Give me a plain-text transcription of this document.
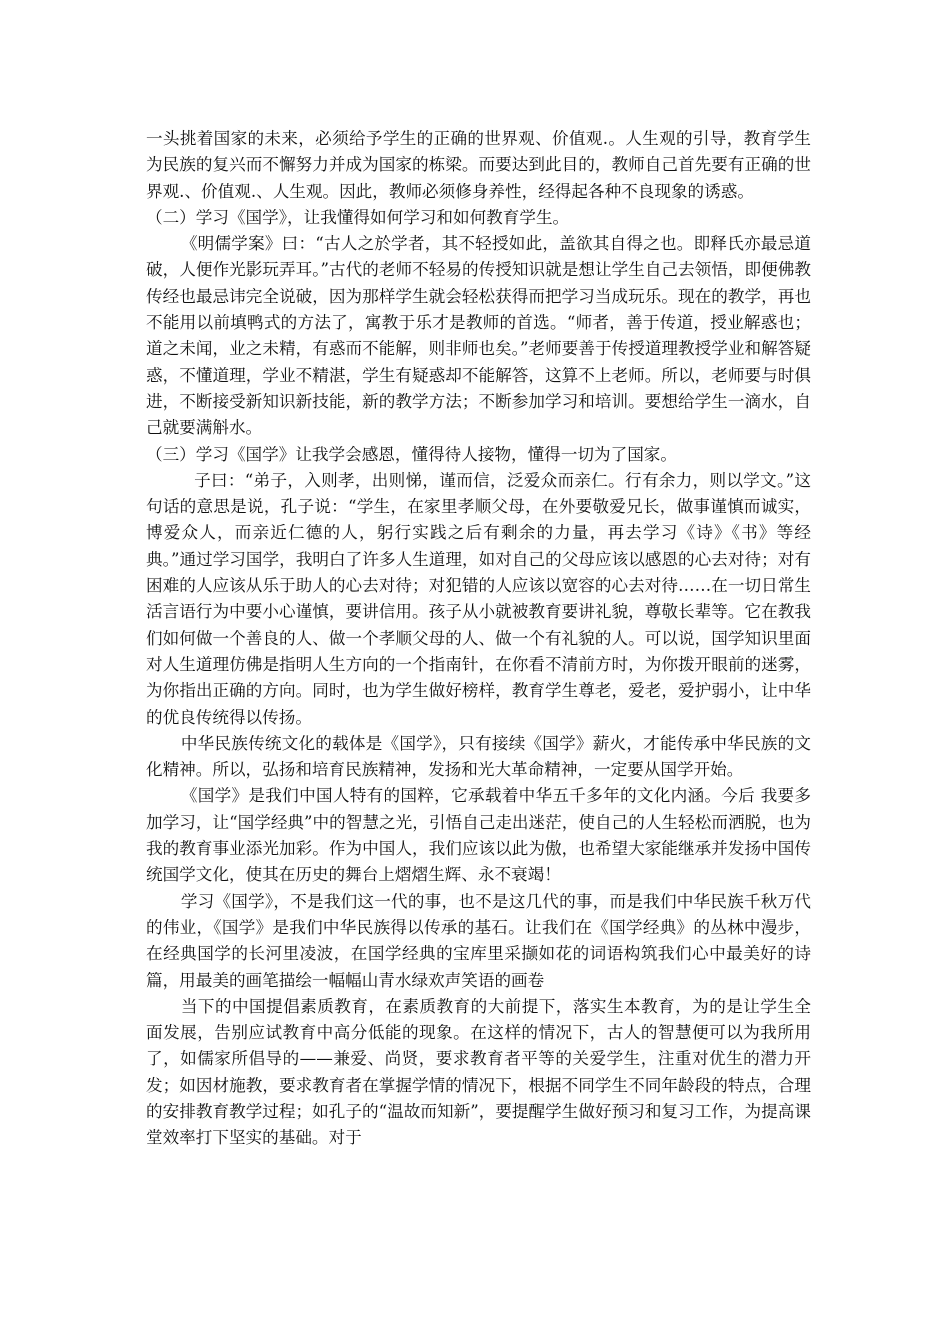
一头挑着国家的未来，必须给予学生的正确的世界观、价值观.。人生观的引导，教育学生为民族的复兴而不懈努力并成为国家的栋梁。而要达到此目的，教师自己首先要有正确的世界观.、价值观.、人生观。因此，教师必须修身养性，经得起各种不良现象的诱惑。

（二）学习《国学》，让我懂得如何学习和如何教育学生。

《明儒学案》曰：“古人之於学者，其不轻授如此，盖欲其自得之也。即释氏亦最忌道破，人便作光影玩弄耳。”古代的老师不轻易的传授知识就是想让学生自己去领悟，即便佛教传经也最忌讳完全说破，因为那样学生就会轻松获得而把学习当成玩乐。现在的教学，再也不能用以前填鸭式的方法了，寓教于乐才是教师的首选。“师者，善于传道，授业解惑也；道之未闻，业之未精，有惑而不能解，则非师也矣。”老师要善于传授道理教授学业和解答疑惑，不懂道理，学业不精湛，学生有疑惑却不能解答，这算不上老师。所以，老师要与时俱进，不断接受新知识新技能，新的教学方法；不断参加学习和培训。要想给学生一滴水，自己就要满斛水。

（三）学习《国学》让我学会感恩，懂得待人接物，懂得一切为了国家。

子曰：“弟子，入则孝，出则悌，谨而信，泛爱众而亲仁。行有余力，则以学文。”这句话的意思是说，孔子说：“学生，在家里孝顺父母，在外要敬爱兄长，做事谨慎而诚实，博爱众人，而亲近仁德的人，躬行实践之后有剩余的力量，再去学习《诗》《书》等经典。”通过学习国学，我明白了许多人生道理，如对自己的父母应该以感恩的心去对待；对有困难的人应该从乐于助人的心去对待；对犯错的人应该以宽容的心去对待……在一切日常生活言语行为中要小心谨慎，要讲信用。孩子从小就被教育要讲礼貌，尊敬长辈等。它在教我们如何做一个善良的人、做一个孝顺父母的人、做一个有礼貌的人。可以说，国学知识里面对人生道理仿佛是指明人生方向的一个指南针，在你看不清前方时，为你拨开眼前的迷雾，为你指出正确的方向。同时，也为学生做好榜样，教育学生尊老，爱老，爱护弱小，让中华的优良传统得以传扬。

中华民族传统文化的载体是《国学》，只有接续《国学》薪火，才能传承中华民族的文化精神。所以，弘扬和培育民族精神，发扬和光大革命精神，一定要从国学开始。

《国学》是我们中国人特有的国粹，它承载着中华五千多年的文化内涵。今后 我要多加学习，让“国学经典”中的智慧之光，引悟自己走出迷茫，使自己的人生轻松而洒脱，也为我的教育事业添光加彩。作为中国人，我们应该以此为傲，也希望大家能继承并发扬中国传统国学文化，使其在历史的舞台上熠熠生辉、永不衰竭！

学习《国学》，不是我们这一代的事，也不是这几代的事，而是我们中华民族千秋万代的伟业，《国学》是我们中华民族得以传承的基石。让我们在《国学经典》的丛林中漫步，在经典国学的长河里凌波，在国学经典的宝库里采撷如花的词语构筑我们心中最美好的诗篇，用最美的画笔描绘一幅幅山青水绿欢声笑语的画卷

当下的中国提倡素质教育，在素质教育的大前提下，落实生本教育，为的是让学生全面发展，告别应试教育中高分低能的现象。在这样的情况下，古人的智慧便可以为我所用了，如儒家所倡导的——兼爱、尚贤，要求教育者平等的关爱学生，注重对优生的潜力开发；如因材施教，要求教育者在掌握学情的情况下，根据不同学生不同年龄段的特点，合理的安排教育教学过程；如孔子的“温故而知新”，要提醒学生做好预习和复习工作，为提高课堂效率打下坚实的基础。对于
